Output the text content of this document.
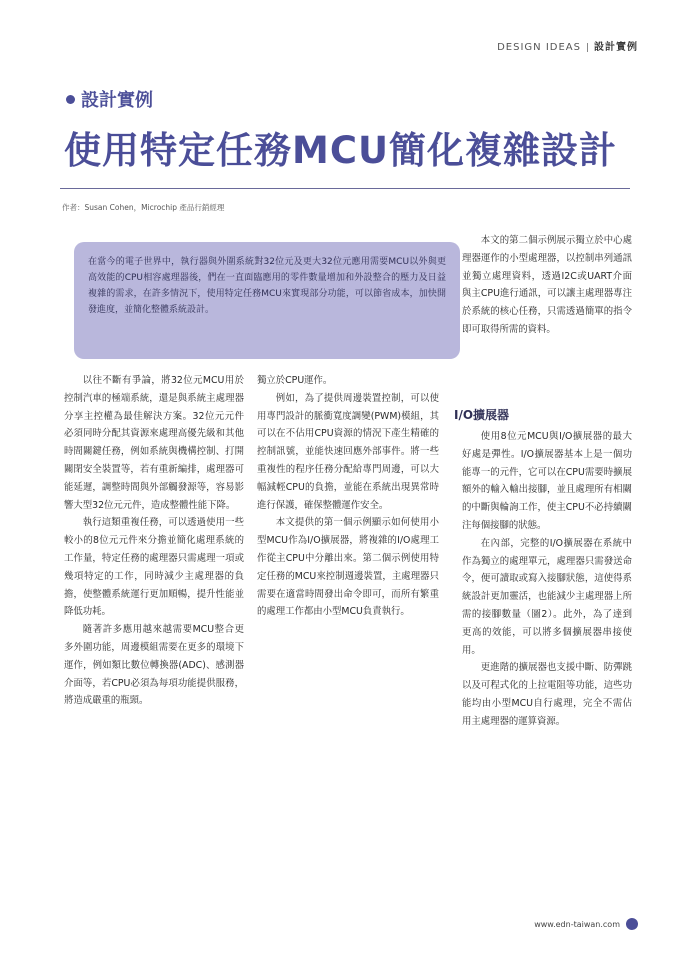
DESIGN IDEAS 設計實例
設計實例
使用特定任務MCU簡化複雜設計
作者：Susan Cohen，Microchip 產品行銷經理
在當今的電子世界中，執行器與外圍系統對32位元及更大32位元應用需要MCU以外與更高效能的CPU相容處理器後，們在一直面臨應用的零件數量增加和外設整合的壓力及日益複雜的需求，在許多情況下，使用特定任務MCU來實現部分功能，可以節省成本，加快開發進度，並簡化整體系統設計。

以往不斷有爭論，將32位元MCU用於控制汽車的極端系統，還是與系統主處理器分享主控權為最佳解決方案。32位元元件必須同時分配其資源來處理高優先級和其他時間關鍵任務，例如系統與機構控制、打開關閉安全裝置等，若有重新編排，處理器可能延遲，調整時間與外部觸發源等，容易影響大型32位元元件，造成整體性能下降。

執行這類重複任務，可以透過使用一些較小的8位元元件來分擔並簡化處理系統的工作量，特定任務的處理器只需處理一項或幾項特定的工作，同時減少主處理器的負擔，使整體系統運行更加順暢，提升性能並降低功耗。

隨著許多應用越來越需要MCU整合更多外圍功能，周邊模組需要在更多的環境下運作，例如類比數位轉換器(ADC)、感測器介面等，若CPU必須為每項功能提供服務，將造成嚴重的瓶頸。

獨立於CPU運作。

例如，為了提供周邊裝置控制，可以使用專門設計的脈衝寬度調變(PWM)模組，其可以在不佔用CPU資源的情況下產生精確的控制訊號，並能快速回應外部事件。將一些重複性的程序任務分配給專門周邊，可以大幅減輕CPU的負擔，並能在系統出現異常時進行保護，確保整體運作安全。

本文提供的第一個示例顯示如何使用小型MCU作為I/O擴展器，將複雜的I/O處理工作從主CPU中分離出來。第二個示例使用特定任務的MCU來控制週邊裝置，主處理器只需要在適當時間發出命令即可，而所有繁重的處理工作都由小型MCU負責執行。

本文的第二個示例展示獨立於中心處理器運作的小型處理器，以控制串列通訊並獨立處理資料，透過I2C或UART介面與主CPU進行通訊，可以讓主處理器專注於系統的核心任務，只需透過簡單的指令即可取得所需的資料。

I/O擴展器

使用8位元MCU與I/O擴展器的最大好處是彈性。I/O擴展器基本上是一個功能專一的元件，它可以在CPU需要時擴展額外的輸入輸出接腳，並且處理所有相關的中斷與輪詢工作，使主CPU不必持續關注每個接腳的狀態。

在內部，完整的I/O擴展器在系統中作為獨立的處理單元，處理器只需發送命令，便可讀取或寫入接腳狀態，這使得系統設計更加靈活，也能減少主處理器上所需的接腳數量（圖2）。此外，為了達到更高的效能，可以將多個擴展器串接使用。

更進階的擴展器也支援中斷、防彈跳以及可程式化的上拉電阻等功能，這些功能均由小型MCU自行處理，完全不需佔用主處理器的運算資源。

www.edn-taiwan.com
